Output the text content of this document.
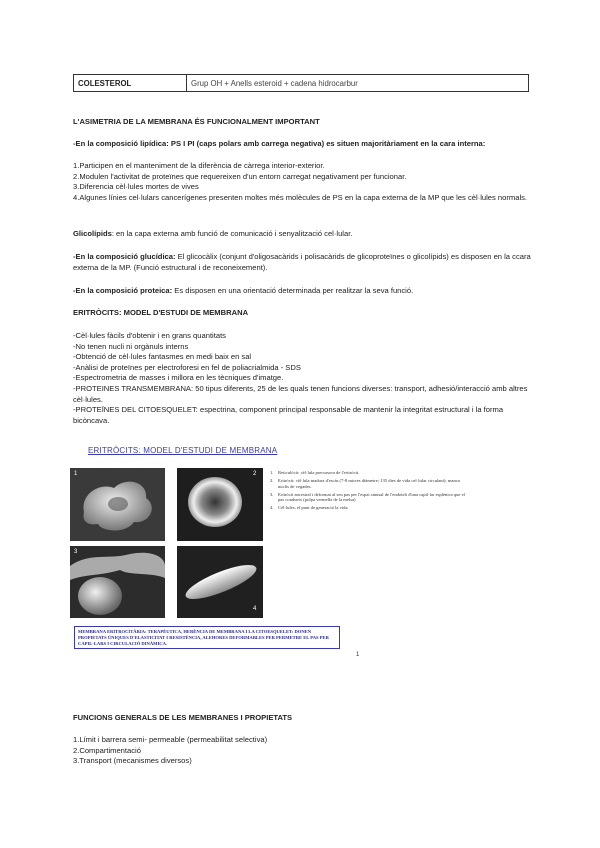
COLESTEROL	Grup OH + Anells esteroid + cadena hidrocarbur
L'ASIMETRIA DE LA MEMBRANA ÉS FUNCIONALMENT IMPORTANT
-En la composició lipídica: PS I PI (caps polars amb carrega negativa) es situen majoritàriament en la cara interna:
1.Participen en el manteniment de la diferència de càrrega interior-exterior.
2.Modulen l'activitat de proteïnes que requereixen d'un entorn carregat negativament per funcionar.
3.Diferencia cèl·lules mortes de vives
4.Algunes línies cel·lulars cancerígenes presenten moltes més molècules de PS en la capa externa de la MP que les cèl·lules normals.
Glicolípids: en la capa externa amb funció de comunicació i senyalització cel·lular.
-En la composició glucídica: El glicocàlix (conjunt d'oligosacàrids i polisacàrids de glicoproteïnes o glicolípids) es disposen en la ccara externa de la MP. (Funció estructural i de reconeixement).
-En la composició proteica: Es disposen en una orientació determinada per realitzar la seva funció.
ERITRÒCITS: MODEL D'ESTUDI DE MEMBRANA
-Cèl·lules fàcils d'obtenir i en grans quantitats
-No tenen nucli ni orgànuls interns
-Obtenció de cèl·lules fantasmes en medi baix en sal
-Anàlisi de proteïnes per electroforesi en fel de poliacrialmida - SDS
-Espectrometria de masses i millora en les tècniques d'imatge.
-PROTEINES TRANSMEMBRANA: 50 tipus diferents, 25 de les quals tenen funcions diverses: transport, adhesió/interacció amb altres cèl·lules.
-PROTEÏNES DEL CITOESQUELET: espectrina, component principal responsable de mantenir la integritat estructural i la forma bicòncava.
ERITRÒCITS: MODEL D'ESTUDI DE MEMBRANA
1	2
3
4
1. Reticulòcit: cèl·lula precursora de l'eritròcit.
2. Eritròcit: cèl·lula madura d'escàs (7-8 micres diàmetre; 135 dies de vida cel·lular circulant); manca nuclis de vegades.
3. Eritròcit ancestral i deformat al seu pas per l'espai sinusal de l'endoteli d'una capil·lar esplènica que el pas condueix (polpa vermella de la melsa)
4. Cèl·lules, el punt de generació la vida.
MEMBRANA ERITROCITÀRIA: TERAPÈUTICA, HERÈNCIA DE MEMBRANA I LA CITOESQUELET: DONEN PROPIETATS ÚNIQUES D'ELASTICITAT I RESISTÈNCIA, ALEHORES DEFORMABLES PER PERMETRE EL PAS PER CAPIL·LARS I CIRCULACIÓ DINÀMICA.
1
FUNCIONS GENERALS DE LES MEMBRANES I PROPIETATS
1.Límit i barrera semi- permeable (permeabilitat selectiva)
2.Compartimentació
3.Transport (mecanismes diversos)
